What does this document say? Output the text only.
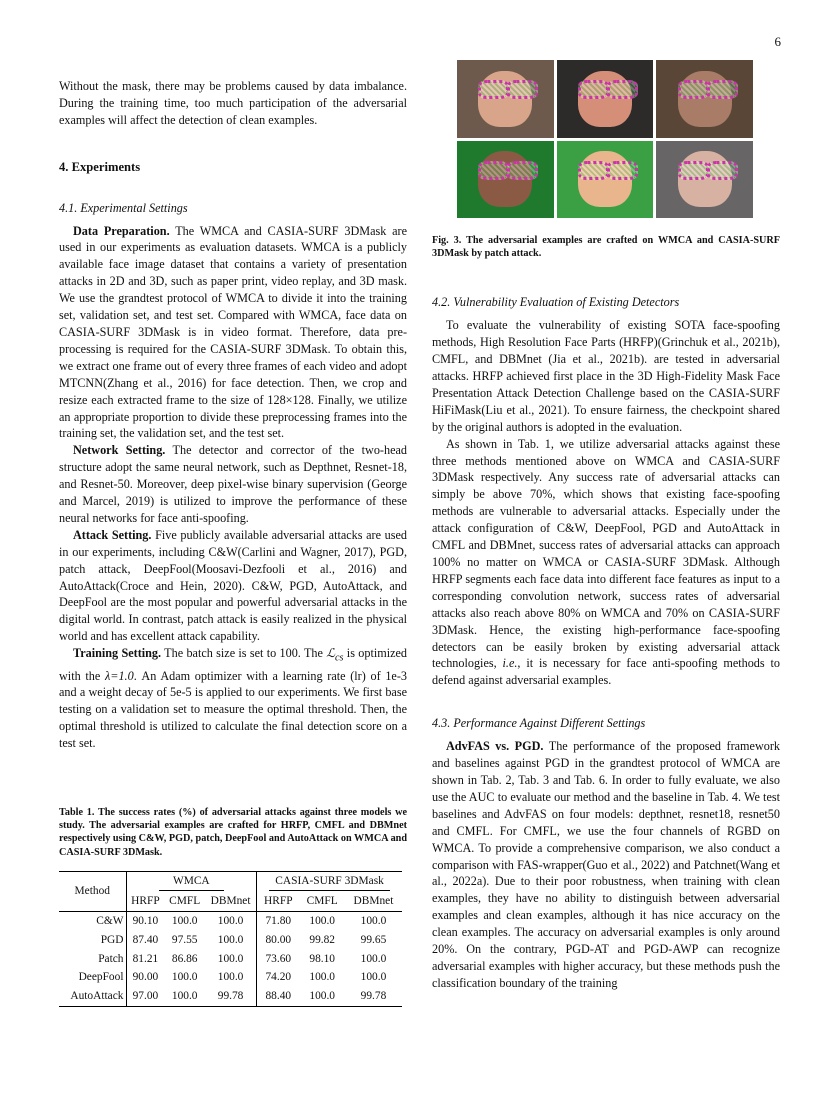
6

Without the mask, there may be problems caused by data imbalance. During the training time, too much participation of the adversarial examples will affect the detection of clean examples.

4. Experiments
4.1. Experimental Settings

Data Preparation. The WMCA and CASIA-SURF 3DMask are used in our experiments as evaluation datasets. WMCA is a publicly available face image dataset that contains a variety of presentation attacks in 2D and 3D, such as paper print, video replay, and 3D mask. We use the grandtest protocol of WMCA to divide it into the training set, validation set, and test set. Compared with WMCA, face data on CASIA-SURF 3DMask is in video format. Therefore, data pre-processing is required for the CASIA-SURF 3DMask. To obtain this, we extract one frame out of every three frames of each video and adopt MTCNN(Zhang et al., 2016) for face detection. Then, we crop and resize each extracted frame to the size of 128×128. Finally, we utilize an appropriate proportion to divide these preprocessing frames into the training set, the validation set, and the test set.

Network Setting. The detector and corrector of the two-head structure adopt the same neural network, such as Depthnet, Resnet-18, and Resnet-50. Moreover, deep pixel-wise binary supervision (George and Marcel, 2019) is utilized to improve the performance of these neural networks for face anti-spoofing.

Attack Setting. Five publicly available adversarial attacks are used in our experiments, including C&W(Carlini and Wagner, 2017), PGD, patch attack, DeepFool(Moosavi-Dezfooli et al., 2016) and AutoAttack(Croce and Hein, 2020). C&W, PGD, AutoAttack, and DeepFool are the most popular and powerful adversarial attacks in the digital world. In contrast, patch attack is easily realized in the physical world and has excellent attack capability.

Training Setting. The batch size is set to 100. The ℒ$_{cs}$ is optimized with the λ=1.0. An Adam optimizer with a learning rate (lr) of 1e-3 and a weight decay of 5e-5 is applied to our experiments. We first base testing on a validation set to measure the optimal threshold. Then, the optimal threshold is utilized to calculate the final detection score on a test set.

Table 1. The success rates (%) of adversarial attacks against three models we study. The adversarial examples are crafted for HRFP, CMFL and DBMnet respectively using C&W, PGD, patch, DeepFool and AutoAttack on WMCA and CASIA-SURF 3DMask.

Method	WMCA			CASIA-SURF 3DMask		
	HRFP	CMFL	DBMnet	HRFP	CMFL	DBMnet
C&W	90.10	100.0	100.0	71.80	100.0	100.0
PGD	87.40	97.55	100.0	80.00	99.82	99.65
Patch	81.21	86.86	100.0	73.60	98.10	100.0
DeepFool	90.00	100.0	100.0	74.20	100.0	100.0
AutoAttack	97.00	100.0	99.78	88.40	100.0	99.78

Fig. 3. The adversarial examples are crafted on WMCA and CASIA-SURF 3DMask by patch attack.

4.2. Vulnerability Evaluation of Existing Detectors

To evaluate the vulnerability of existing SOTA face-spoofing methods, High Resolution Face Parts (HRFP)(Grinchuk et al., 2021b), CMFL, and DBMnet (Jia et al., 2021b). are tested in adversarial attacks. HRFP achieved first place in the 3D High-Fidelity Mask Face Presentation Attack Detection Challenge based on the CASIA-SURF HiFiMask(Liu et al., 2021). To ensure fairness, the checkpoint shared by the original authors is adopted in the evaluation.

As shown in Tab. 1, we utilize adversarial attacks against these three methods mentioned above on WMCA and CASIA-SURF 3DMask respectively. Any success rate of adversarial attacks can simply be above 70%, which shows that existing face-spoofing methods are vulnerable to adversarial attacks. Especially under the attack configuration of C&W, DeepFool, PGD and AutoAttack in CMFL and DBMnet, success rates of adversarial attacks can approach 100% no matter on WMCA or CASIA-SURF 3DMask. Although HRFP segments each face data into different face features as input to a corresponding convolution network, success rates of adversarial attacks also reach above 80% on WMCA and 70% on CASIA-SURF 3DMask. Hence, the existing high-performance face-spoofing detectors can be easily broken by existing adversarial attack technologies, i.e., it is necessary for face anti-spoofing methods to defend against adversarial examples.

4.3. Performance Against Different Settings

AdvFAS vs. PGD. The performance of the proposed framework and baselines against PGD in the grandtest protocol of WMCA are shown in Tab. 2, Tab. 3 and Tab. 6. In order to fully evaluate, we also use the AUC to evaluate our method and the baseline in Tab. 4. We test baselines and AdvFAS on four models: depthnet, resnet18, resnet50 and CMFL. For CMFL, we use the four channels of RGBD on WMCA. To provide a comprehensive comparison, we also conduct a comparison with FAS-wrapper(Guo et al., 2022) and Patchnet(Wang et al., 2022a). Due to their poor robustness, when training with clean examples, they have no ability to distinguish between adversarial examples and clean examples, although it has nice accuracy on the clean examples. The accuracy on adversarial examples is only around 20%. On the contrary, PGD-AT and PGD-AWP can recognize adversarial examples with higher accuracy, but these methods push the classification boundary of the training
